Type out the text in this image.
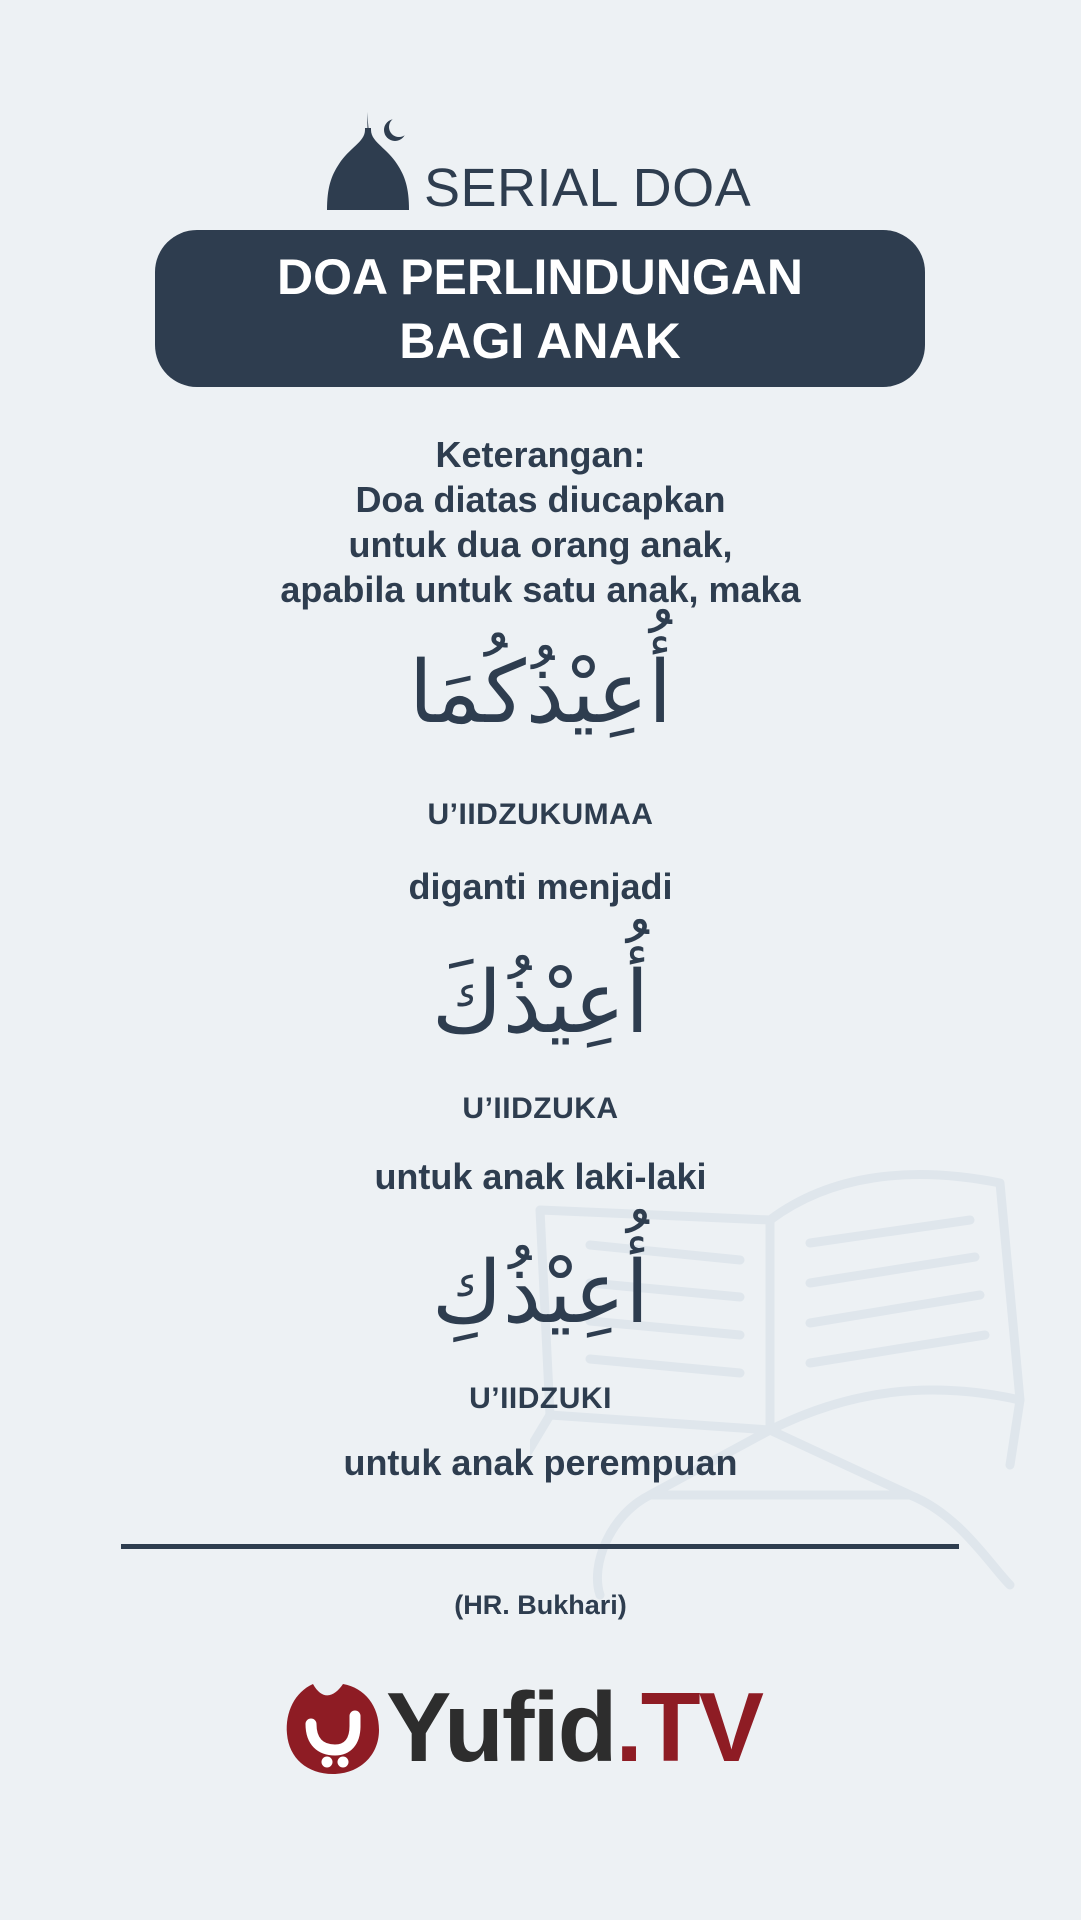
SERIAL DOA
DOA PERLINDUNGAN
BAGI ANAK
Keterangan:
Doa diatas diucapkan
untuk dua orang anak,
apabila untuk satu anak, maka
أُعِيْذُكُمَا
U’IIDZUKUMAA
diganti menjadi
أُعِيْذُكَ
U’IIDZUKA
untuk anak laki-laki
أُعِيْذُكِ
U’IIDZUKI
untuk anak perempuan
(HR. Bukhari)
Yufid.TV
